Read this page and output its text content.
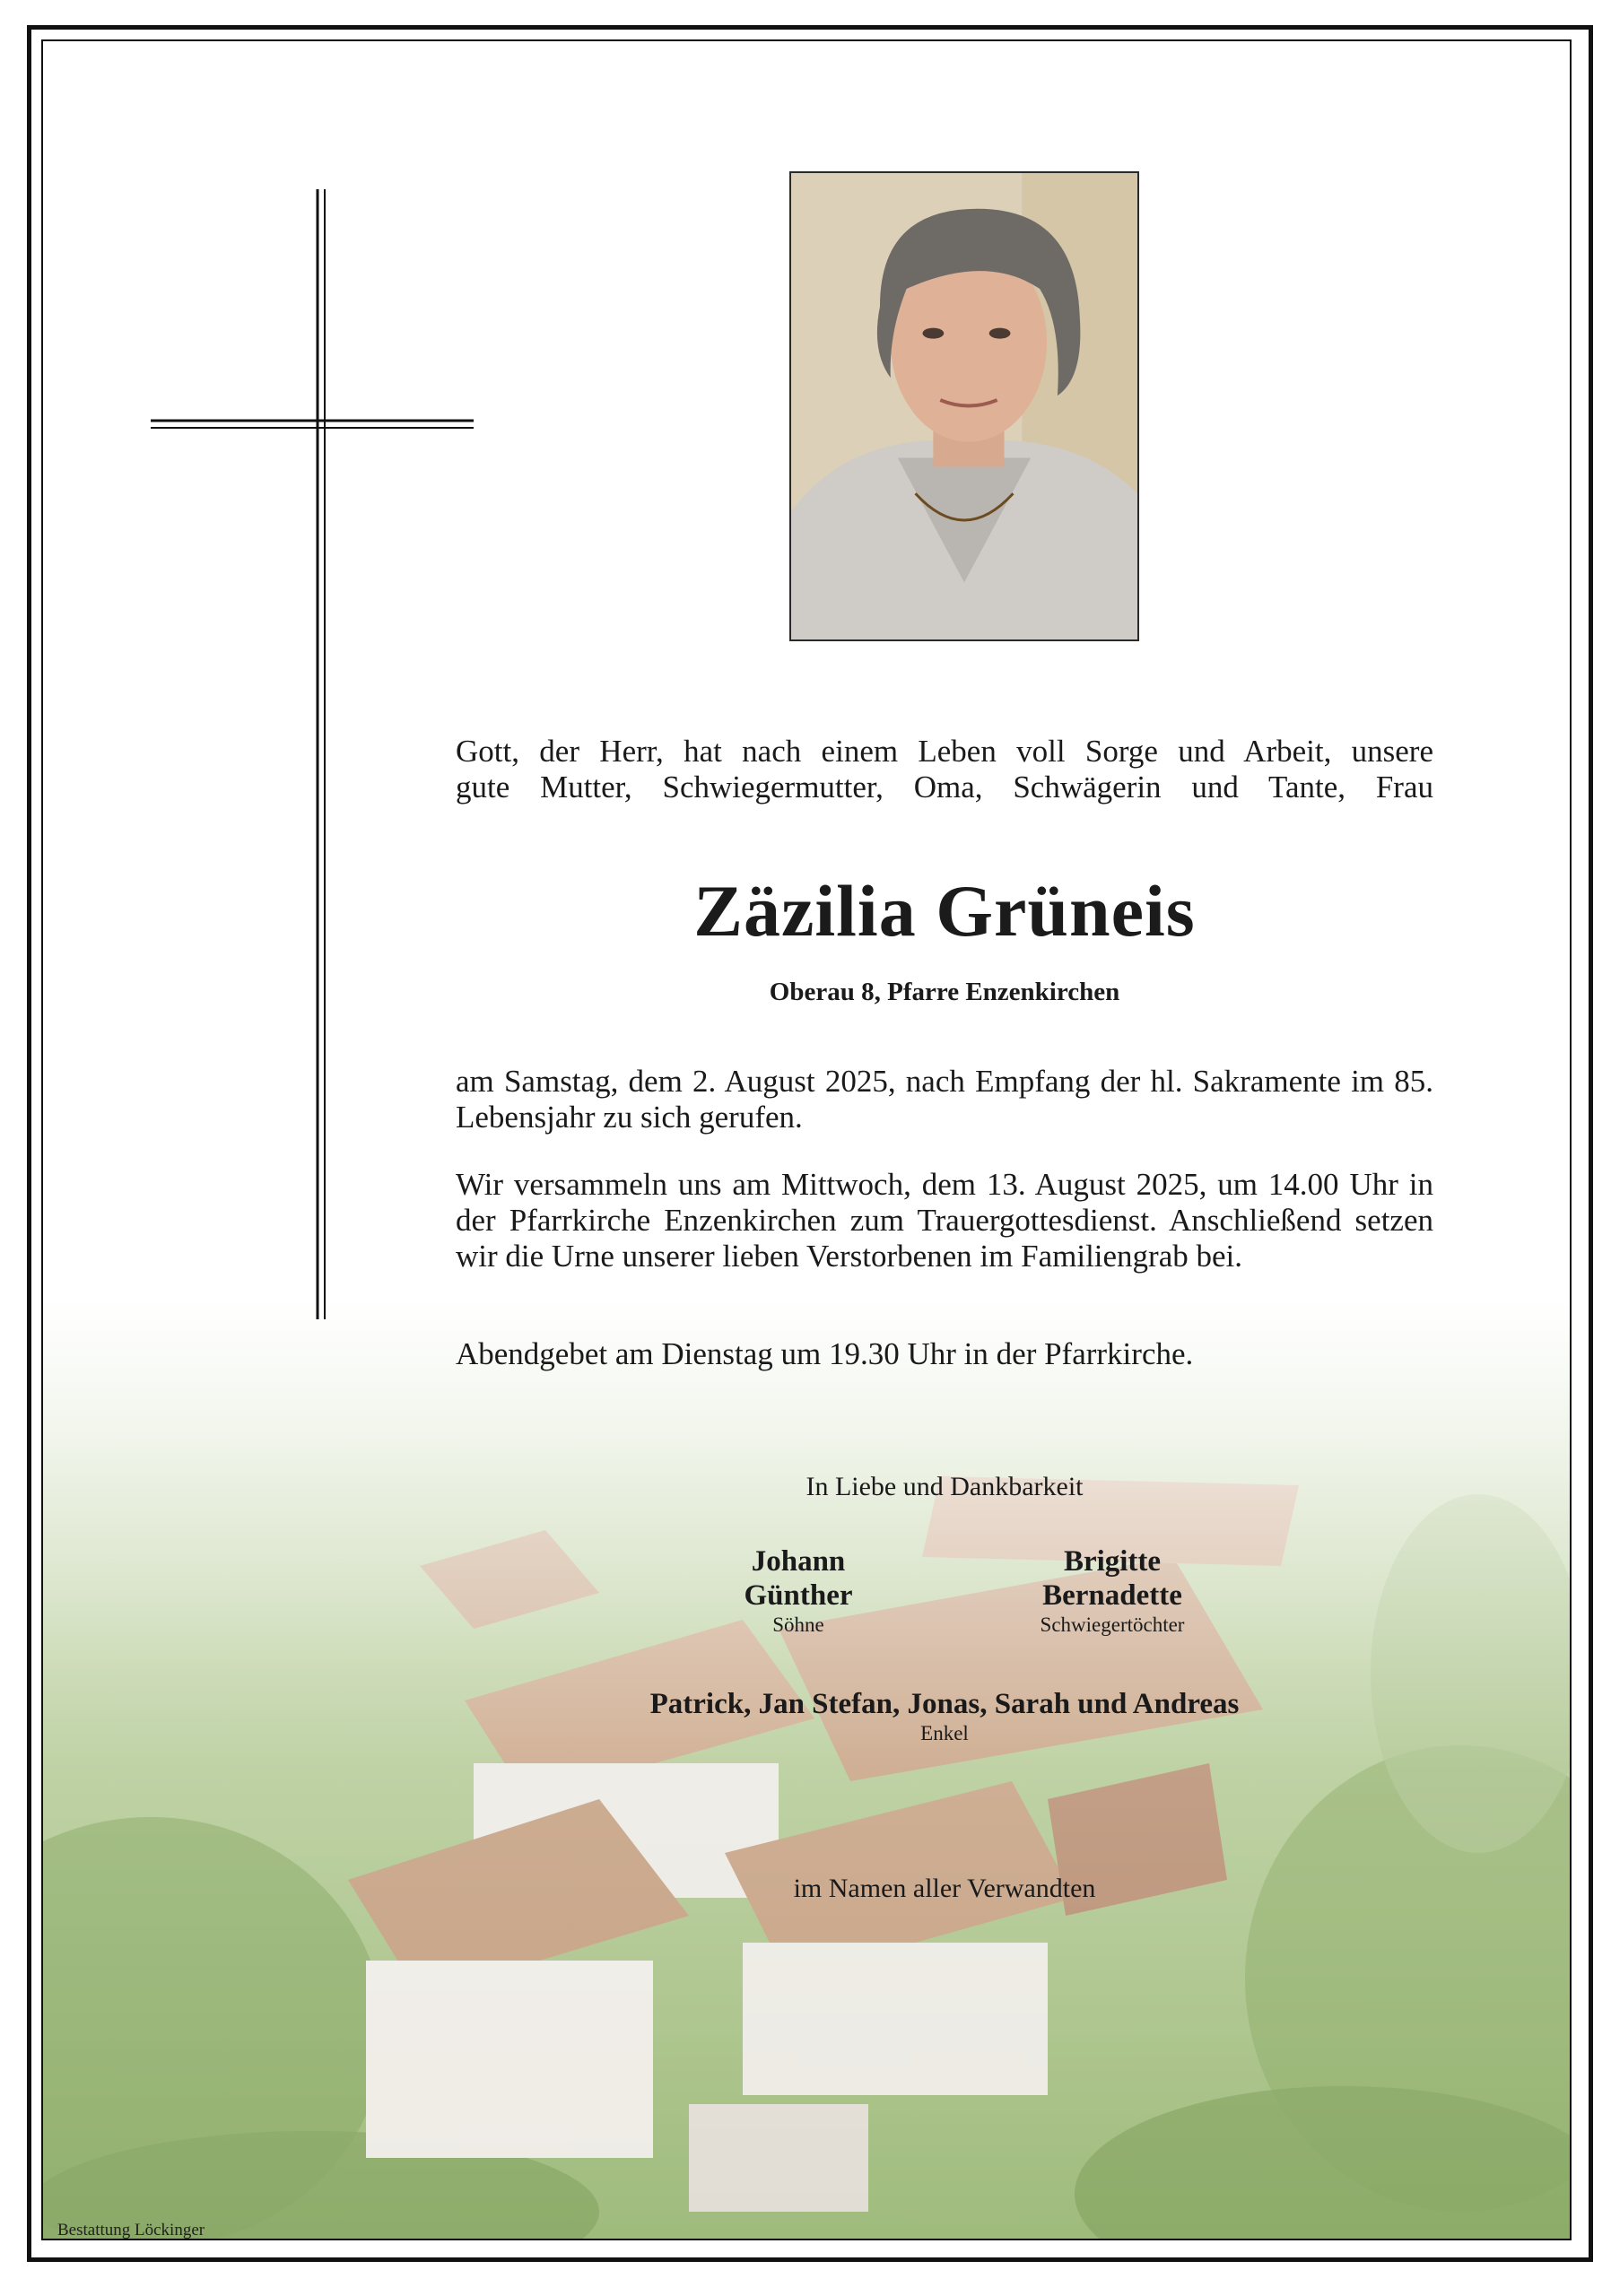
Gott, der Herr, hat nach einem Leben voll Sorge und Arbeit, unsere
gute Mutter, Schwiegermutter, Oma, Schwägerin und Tante, Frau
Zäzilia Grüneis
Oberau 8, Pfarre Enzenkirchen
am Samstag, dem 2. August 2025, nach Empfang der hl. Sakramente im 85. Lebensjahr zu sich gerufen.
Wir versammeln uns am Mittwoch, dem 13. August 2025, um 14.00 Uhr in der Pfarrkirche Enzenkirchen zum Trauergottesdienst. Anschließend setzen wir die Urne unserer lieben Verstorbenen im Familiengrab bei.
Abendgebet am Dienstag um 19.30 Uhr in der Pfarrkirche.
In Liebe und Dankbarkeit
Johann
Günther
Söhne
Brigitte
Bernadette
Schwiegertöchter
Patrick, Jan Stefan, Jonas, Sarah und Andreas
Enkel
im Namen aller Verwandten
Bestattung Löckinger
